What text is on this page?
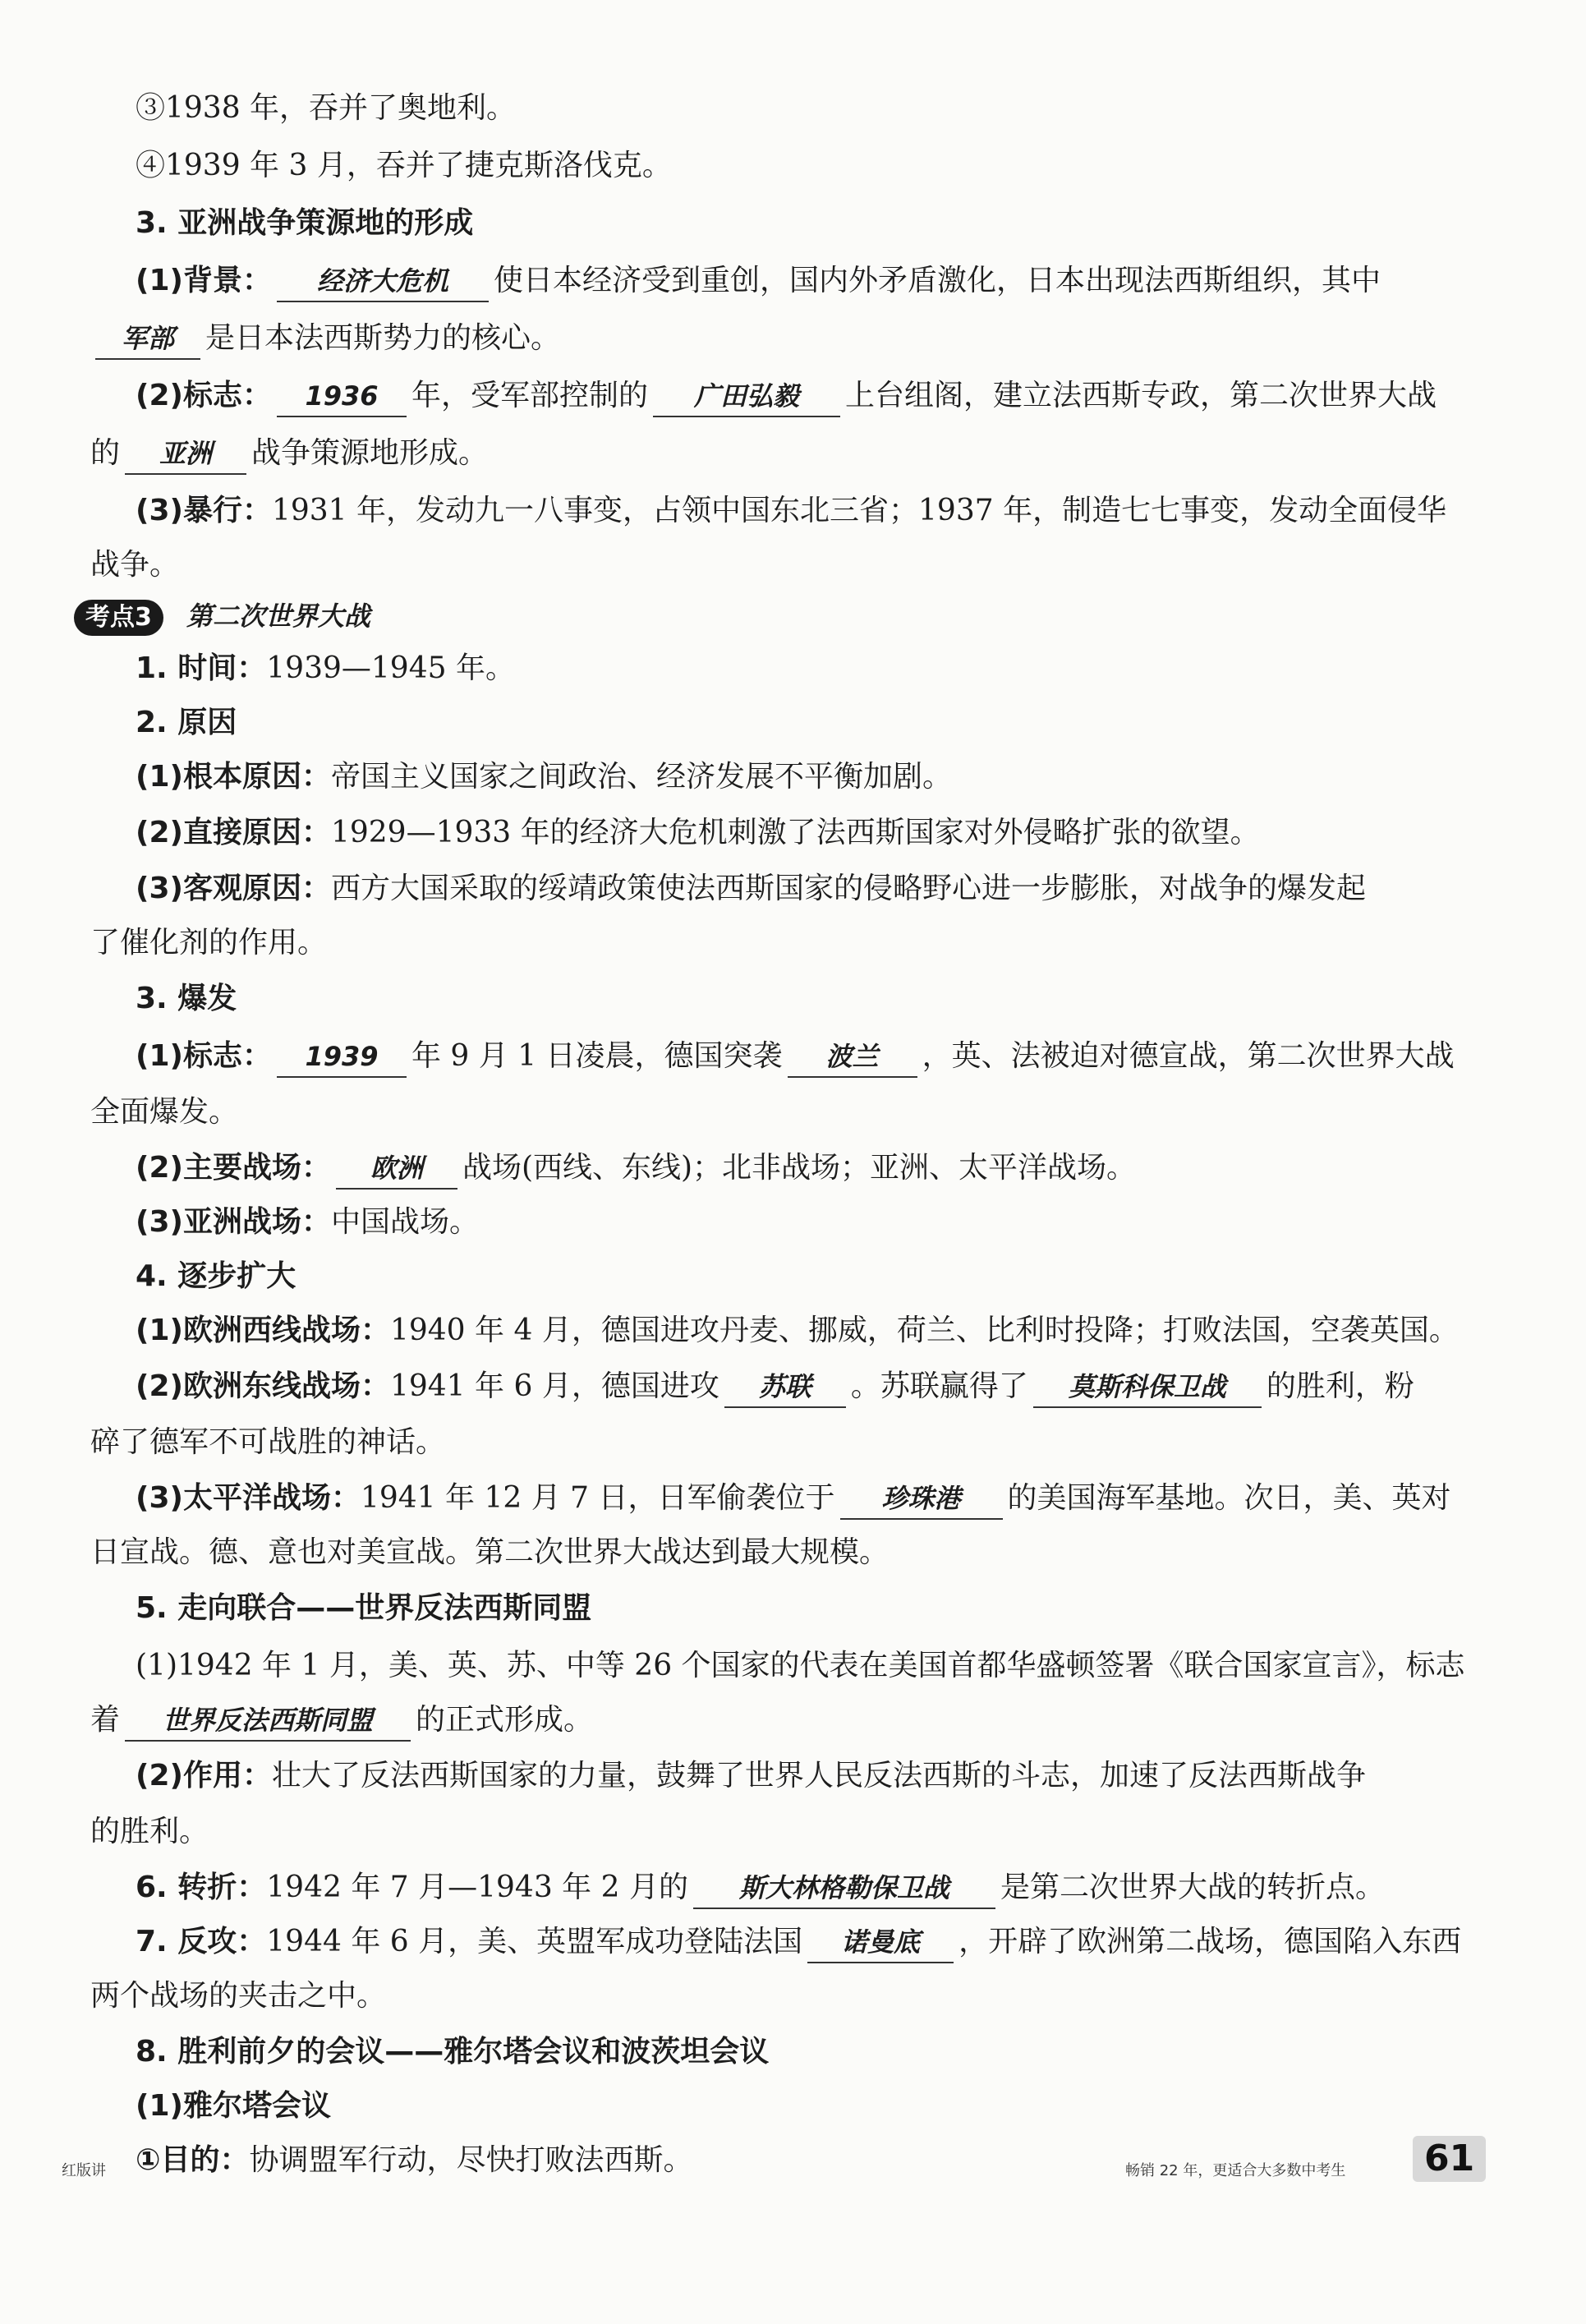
③1938 年，吞并了奥地利。
④1939 年 3 月，吞并了捷克斯洛伐克。
3. 亚洲战争策源地的形成
(1)背景： 经济大危机 使日本经济受到重创，国内外矛盾激化，日本出现法西斯组织，其中
军部 是日本法西斯势力的核心。
(2)标志： 1936 年，受军部控制的 广田弘毅 上台组阁，建立法西斯专政，第二次世界大战
的 亚洲 战争策源地形成。
(3)暴行：1931 年，发动九一八事变，占领中国东北三省；1937 年，制造七七事变，发动全面侵华
战争。
考点3 第二次世界大战
1. 时间：1939—1945 年。
2. 原因
(1)根本原因：帝国主义国家之间政治、经济发展不平衡加剧。
(2)直接原因：1929—1933 年的经济大危机刺激了法西斯国家对外侵略扩张的欲望。
(3)客观原因：西方大国采取的绥靖政策使法西斯国家的侵略野心进一步膨胀，对战争的爆发起
了催化剂的作用。
3. 爆发
(1)标志： 1939 年 9 月 1 日凌晨，德国突袭 波兰 ，英、法被迫对德宣战，第二次世界大战
全面爆发。
(2)主要战场： 欧洲 战场(西线、东线)；北非战场；亚洲、太平洋战场。
(3)亚洲战场：中国战场。
4. 逐步扩大
(1)欧洲西线战场：1940 年 4 月，德国进攻丹麦、挪威，荷兰、比利时投降；打败法国，空袭英国。
(2)欧洲东线战场：1941 年 6 月，德国进攻 苏联 。苏联赢得了 莫斯科保卫战 的胜利，粉
碎了德军不可战胜的神话。
(3)太平洋战场：1941 年 12 月 7 日，日军偷袭位于 珍珠港 的美国海军基地。次日，美、英对
日宣战。德、意也对美宣战。第二次世界大战达到最大规模。
5. 走向联合——世界反法西斯同盟
(1)1942 年 1 月，美、英、苏、中等 26 个国家的代表在美国首都华盛顿签署《联合国家宣言》，标志
着 世界反法西斯同盟 的正式形成。
(2)作用：壮大了反法西斯国家的力量，鼓舞了世界人民反法西斯的斗志，加速了反法西斯战争
的胜利。
6. 转折：1942 年 7 月—1943 年 2 月的 斯大林格勒保卫战 是第二次世界大战的转折点。
7. 反攻：1944 年 6 月，美、英盟军成功登陆法国 诺曼底 ，开辟了欧洲第二战场，德国陷入东西
两个战场的夹击之中。
8. 胜利前夕的会议——雅尔塔会议和波茨坦会议
(1)雅尔塔会议
①目的：协调盟军行动，尽快打败法西斯。
红版讲	畅销 22 年，更适合大多数中考生	61
